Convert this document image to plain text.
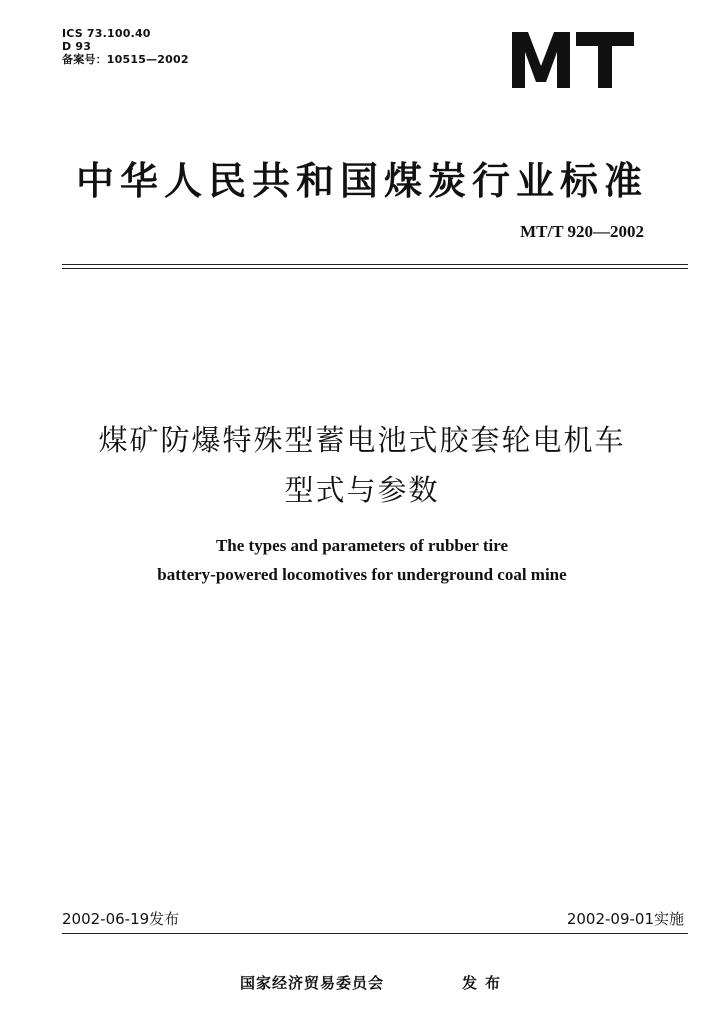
ICS 73.100.40
D 93
备案号：10515—2002
中华人民共和国煤炭行业标准
MT/T 920—2002
煤矿防爆特殊型蓄电池式胶套轮电机车
型式与参数
The types and parameters of rubber tire
battery-powered locomotives for underground coal mine
2002-06-19发布	2002-09-01实施
国家经济贸易委员会	发布
